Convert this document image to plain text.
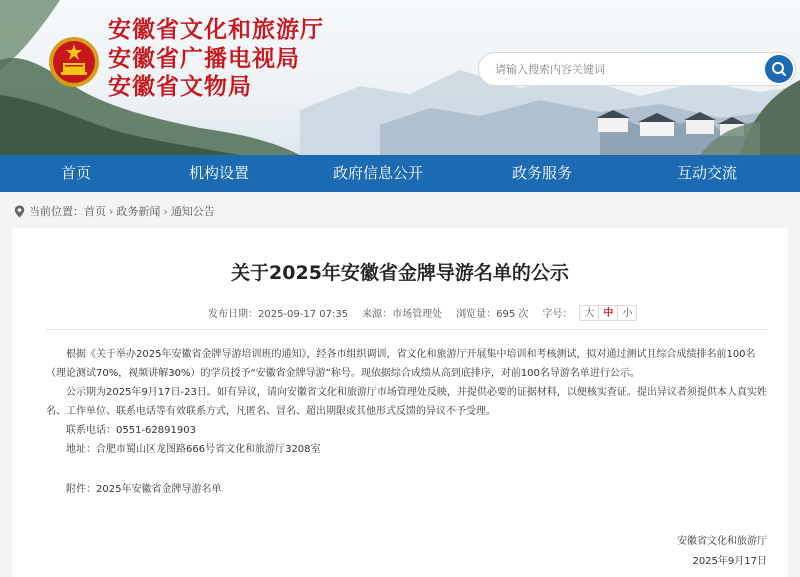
安徽省文化和旅游厅
安徽省广播电视局
安徽省文物局
请输入搜索内容关键词
首页	机构设置	政府信息公开	政务服务	互动交流
当前位置： 首页 › 政务新闻 › 通知公告
关于2025年安徽省金牌导游名单的公示
发布日期：2025-09-17 07:35 来源：市场管理处 浏览量：695 次 字号：	大 中 小

根据《关于举办2025年安徽省金牌导游培训班的通知》，经各市组织调训，省文化和旅游厅开展集中培训和考核测试，拟对通过测试且综合成绩排名前100名（理论测试70%，视频讲解30%）的学员授予“安徽省金牌导游”称号。现依据综合成绩从高到底排序，对前100名导游名单进行公示。

公示期为2025年9月17日-23日。如有异议，请向安徽省文化和旅游厅市场管理处反映，并提供必要的证据材料，以便核实查证。提出异议者须提供本人真实姓名、工作单位、联系电话等有效联系方式，凡匿名、冒名、超出期限或其他形式反馈的异议不予受理。

联系电话：0551-62891903

地址：合肥市蜀山区龙图路666号省文化和旅游厅3208室

附件：2025年安徽省金牌导游名单

安徽省文化和旅游厅
2025年9月17日
